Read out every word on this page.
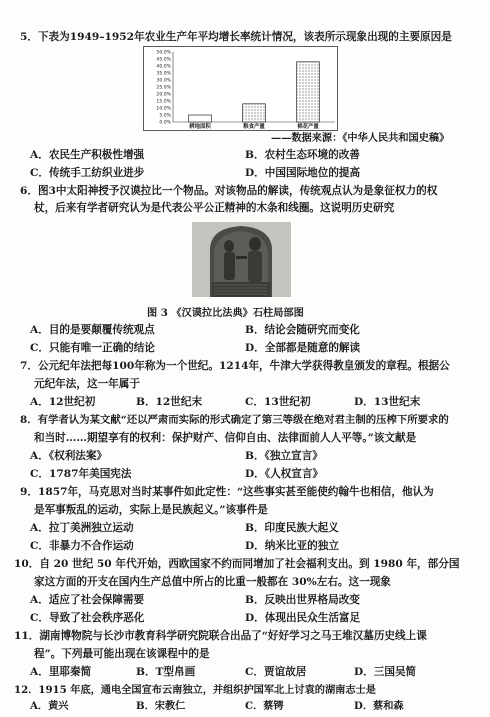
5．下表为1949–1952年农业生产年平均增长率统计情况，该表所示现象出现的主要原因是
0.0%
5.0%
10.0%
15.0%
20.0%
25.0%
30.0%
35.0%
40.0%
45.0%
50.0%
耕地面积	粮食产量	棉花产量
——数据来源：《中华人民共和国史稿》
A．农民生产积极性增强	B．农村生态环境的改善
C．传统手工纺织业进步	D．中国国际地位的提高
6．图3中太阳神授予汉谟拉比一个物品。对该物品的解读，传统观点认为是象征权力的权
杖，后来有学者研究认为是代表公平公正精神的木条和线圈。这说明历史研究
图 3 《汉谟拉比法典》石柱局部图
A．目的是要颠覆传统观点	B．结论会随研究而变化
C．只能有唯一正确的结论	D．全部都是随意的解读
7．公元纪年法把每100年称为一个世纪。1214年，牛津大学获得教皇颁发的章程。根据公
元纪年法，这一年属于
A．12世纪初	B．12世纪末	C．13世纪初	D．13世纪末
8．有学者认为某文献“还以严肃而实际的形式确定了第三等级在绝对君主制的压榨下所要求的
和当时……期望享有的权利：保护财产、信仰自由、法律面前人人平等。”该文献是
A．《权利法案》	B．《独立宣言》
C．1787年美国宪法	D．《人权宣言》
9．1857年，马克思对当时某事件如此定性：“这些事实甚至能使约翰牛也相信，他认为
是军事叛乱的运动，实际上是民族起义。”该事件是
A．拉丁美洲独立运动	B．印度民族大起义
C．非暴力不合作运动	D．纳米比亚的独立
10．自 20 世纪 50 年代开始，西欧国家不约而同增加了社会福利支出。到 1980 年，部分国
家这方面的开支在国内生产总值中所占的比重一般都在 30%左右。这一现象
A．适应了社会保障需要	B．反映出世界格局改变
C．导致了社会秩序恶化	D．体现出民众生活富足
11．湖南博物院与长沙市教育科学研究院联合出品了“好好学习之马王堆汉墓历史线上课
程”。下列最可能出现在该课程中的是
A．里耶秦简	B．T型帛画	C．贾谊故居	D．三国吴简
12．1915 年底，通电全国宣布云南独立，并组织护国军北上讨袁的湖南志士是
A．黄兴	B．宋教仁	C．蔡锷	D．蔡和森
